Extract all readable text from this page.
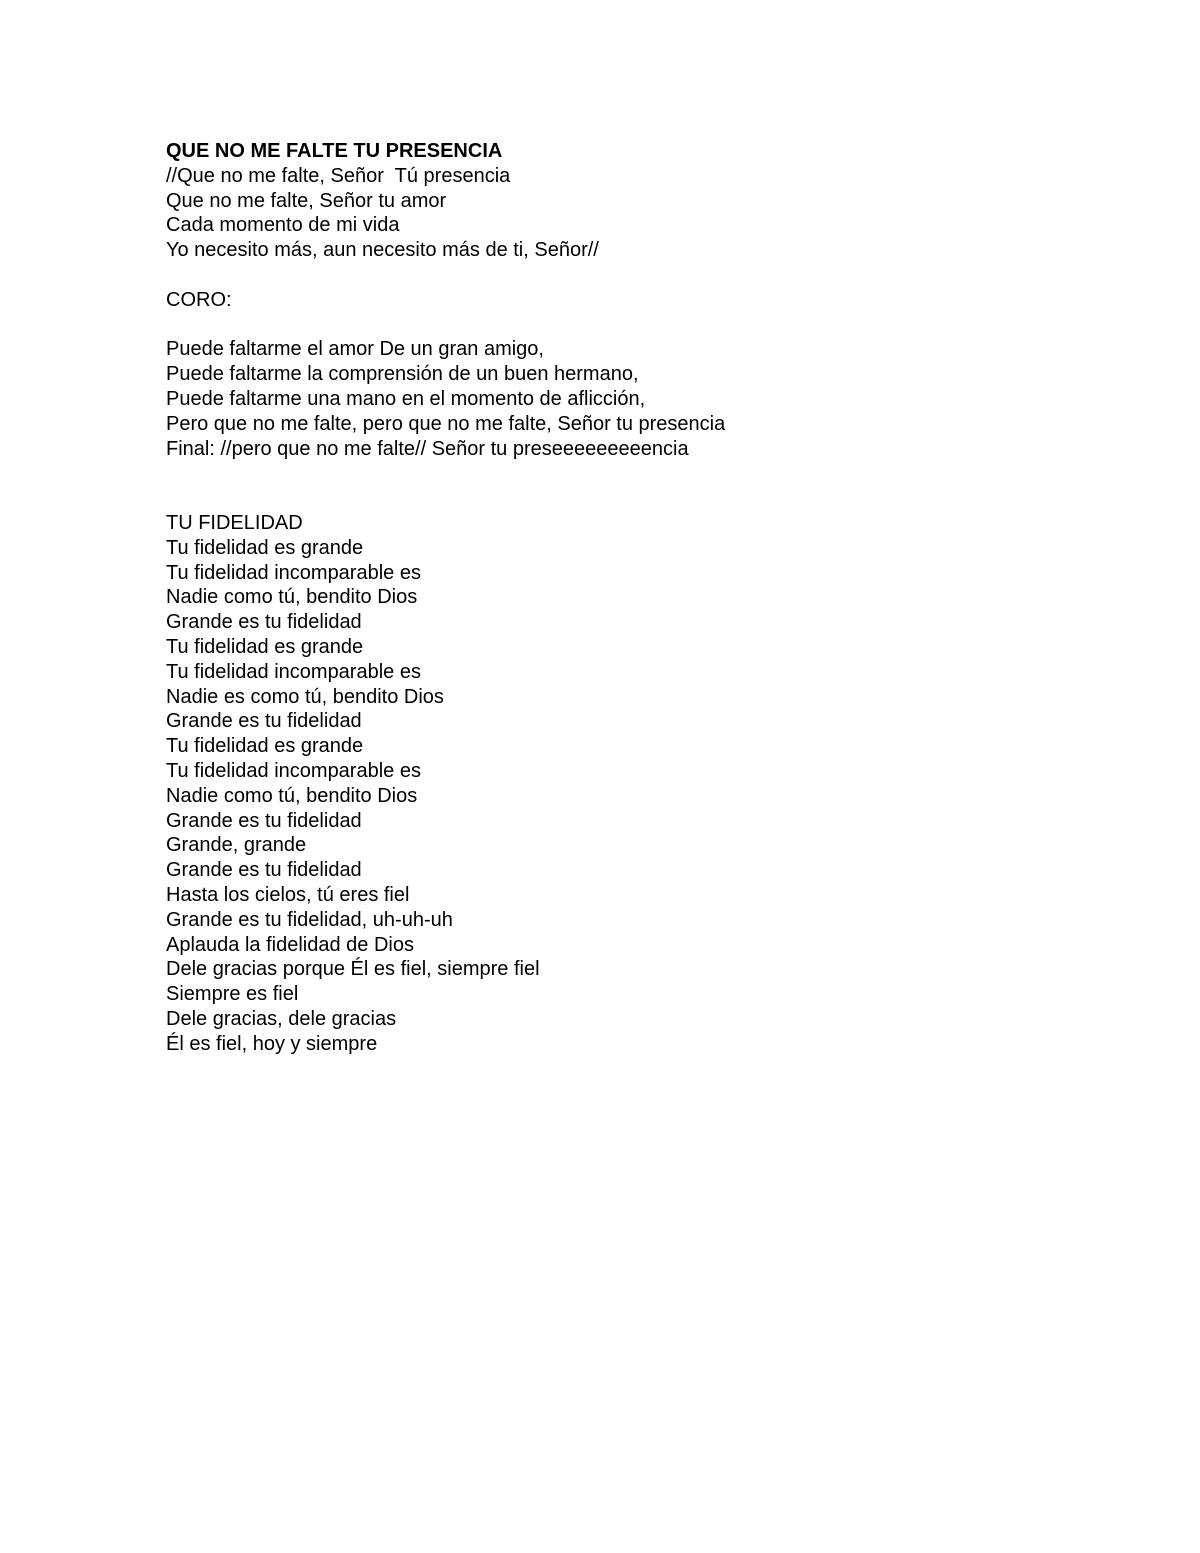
QUE NO ME FALTE TU PRESENCIA
//Que no me falte, Señor  Tú presencia
Que no me falte, Señor tu amor
Cada momento de mi vida
Yo necesito más, aun necesito más de ti, Señor//
CORO:
Puede faltarme el amor De un gran amigo,
Puede faltarme la comprensión de un buen hermano,
Puede faltarme una mano en el momento de aflicción,
Pero que no me falte, pero que no me falte, Señor tu presencia
Final: //pero que no me falte// Señor tu preseeeeeeeeencia
TU FIDELIDAD
Tu fidelidad es grande
Tu fidelidad incomparable es
Nadie como tú, bendito Dios
Grande es tu fidelidad
Tu fidelidad es grande
Tu fidelidad incomparable es
Nadie es como tú, bendito Dios
Grande es tu fidelidad
Tu fidelidad es grande
Tu fidelidad incomparable es
Nadie como tú, bendito Dios
Grande es tu fidelidad
Grande, grande
Grande es tu fidelidad
Hasta los cielos, tú eres fiel
Grande es tu fidelidad, uh-uh-uh
Aplauda la fidelidad de Dios
Dele gracias porque Él es fiel, siempre fiel
Siempre es fiel
Dele gracias, dele gracias
Él es fiel, hoy y siempre
